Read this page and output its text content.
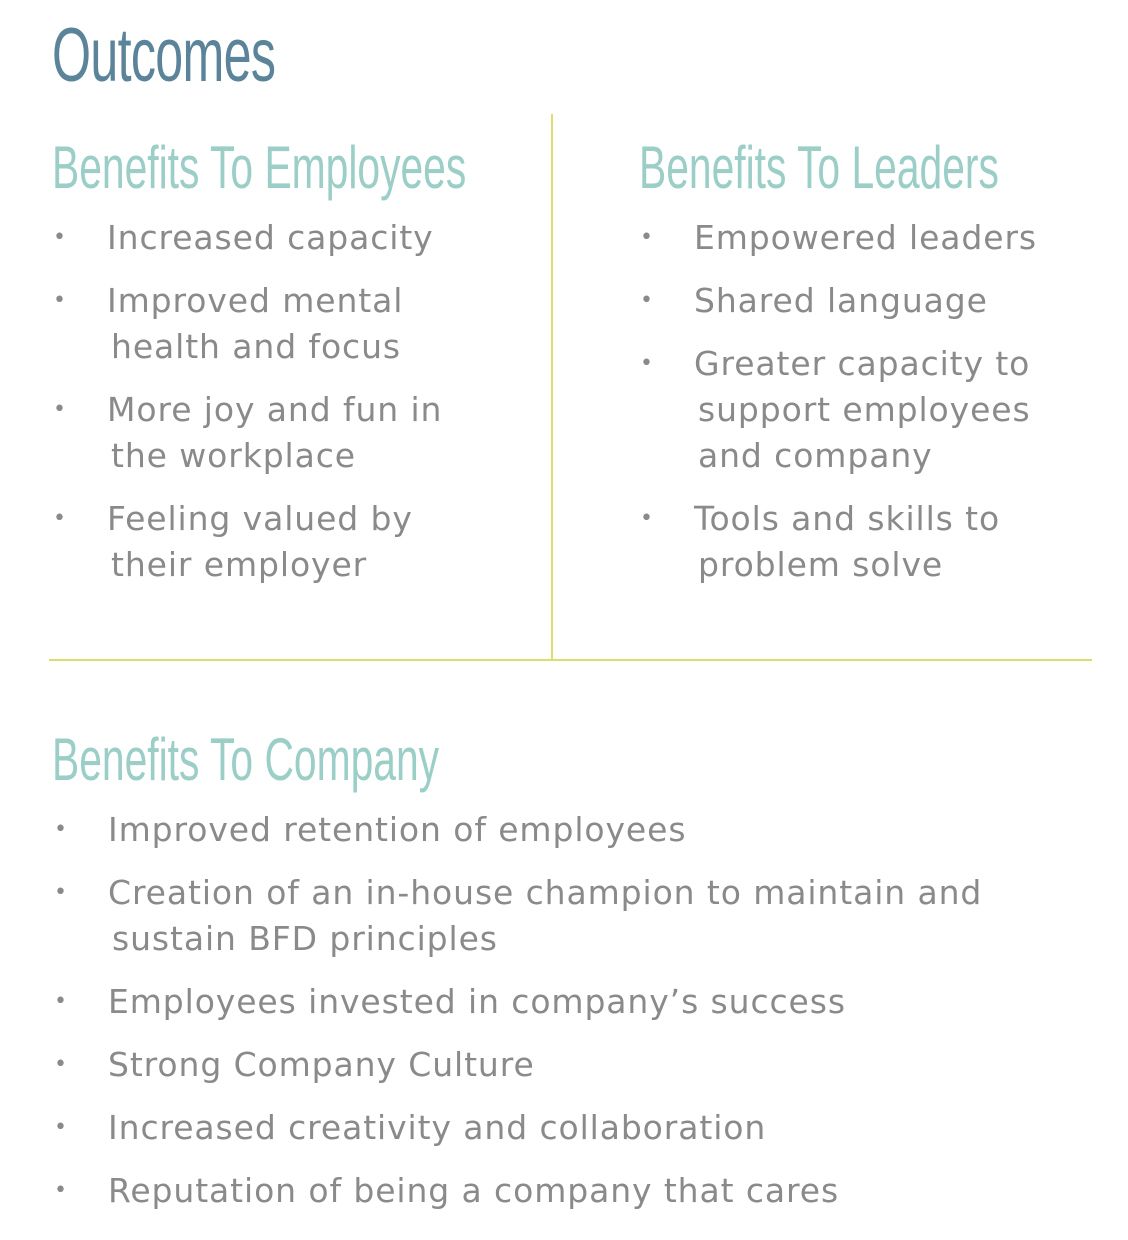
Outcomes
Benefits To Employees
• Increased capacity
• Improved mental
health and focus
• More joy and fun in
the workplace
• Feeling valued by
their employer
Benefits To Leaders
• Empowered leaders
• Shared language
• Greater capacity to
support employees
and company
• Tools and skills to
problem solve
Benefits To Company
• Improved retention of employees
• Creation of an in-house champion to maintain and
sustain BFD principles
• Employees invested in company’s success
• Strong Company Culture
• Increased creativity and collaboration
• Reputation of being a company that cares
